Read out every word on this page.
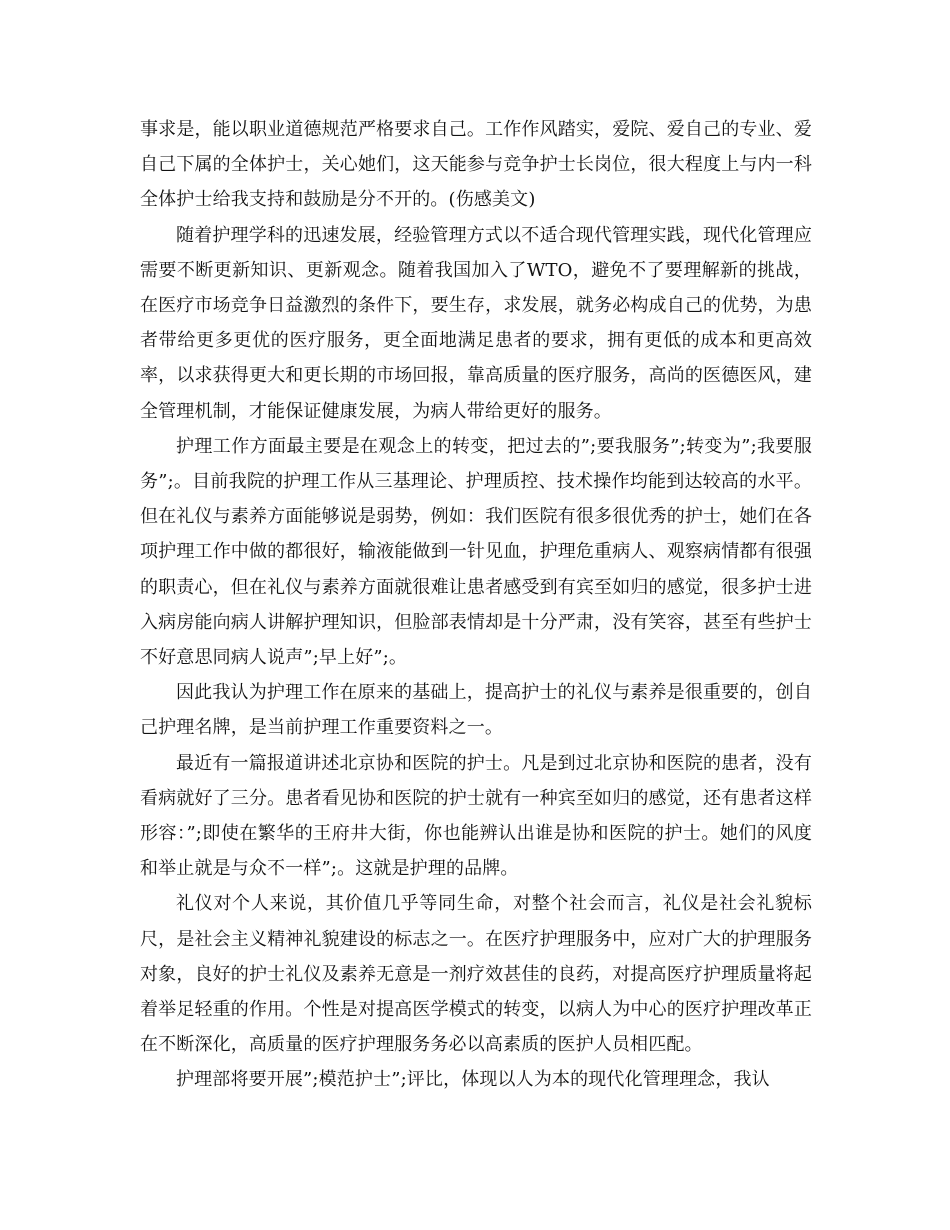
事求是，能以职业道德规范严格要求自己。工作作风踏实，爱院、爱自己的专业、爱自己下属的全体护士，关心她们，这天能参与竞争护士长岗位，很大程度上与内一科全体护士给我支持和鼓励是分不开的。(伤感美文)

随着护理学科的迅速发展，经验管理方式以不适合现代管理实践，现代化管理应需要不断更新知识、更新观念。随着我国加入了WTO，避免不了要理解新的挑战，在医疗市场竞争日益激烈的条件下，要生存，求发展，就务必构成自己的优势，为患者带给更多更优的医疗服务，更全面地满足患者的要求，拥有更低的成本和更高效率，以求获得更大和更长期的市场回报，靠高质量的医疗服务，高尚的医德医风，建全管理机制，才能保证健康发展，为病人带给更好的服务。

护理工作方面最主要是在观念上的转变，把过去的”;要我服务”;转变为”;我要服务”;。目前我院的护理工作从三基理论、护理质控、技术操作均能到达较高的水平。但在礼仪与素养方面能够说是弱势，例如：我们医院有很多很优秀的护士，她们在各项护理工作中做的都很好，输液能做到一针见血，护理危重病人、观察病情都有很强的职责心，但在礼仪与素养方面就很难让患者感受到有宾至如归的感觉，很多护士进入病房能向病人讲解护理知识，但脸部表情却是十分严肃，没有笑容，甚至有些护士不好意思同病人说声”;早上好”;。

因此我认为护理工作在原来的基础上，提高护士的礼仪与素养是很重要的，创自己护理名牌，是当前护理工作重要资料之一。

最近有一篇报道讲述北京协和医院的护士。凡是到过北京协和医院的患者，没有看病就好了三分。患者看见协和医院的护士就有一种宾至如归的感觉，还有患者这样形容：”;即使在繁华的王府井大街，你也能辨认出谁是协和医院的护士。她们的风度和举止就是与众不一样”;。这就是护理的品牌。

礼仪对个人来说，其价值几乎等同生命，对整个社会而言，礼仪是社会礼貌标尺，是社会主义精神礼貌建设的标志之一。在医疗护理服务中，应对广大的护理服务对象，良好的护士礼仪及素养无意是一剂疗效甚佳的良药，对提高医疗护理质量将起着举足轻重的作用。个性是对提高医学模式的转变，以病人为中心的医疗护理改革正在不断深化，高质量的医疗护理服务务必以高素质的医护人员相匹配。

护理部将要开展”;模范护士”;评比，体现以人为本的现代化管理理念，我认
